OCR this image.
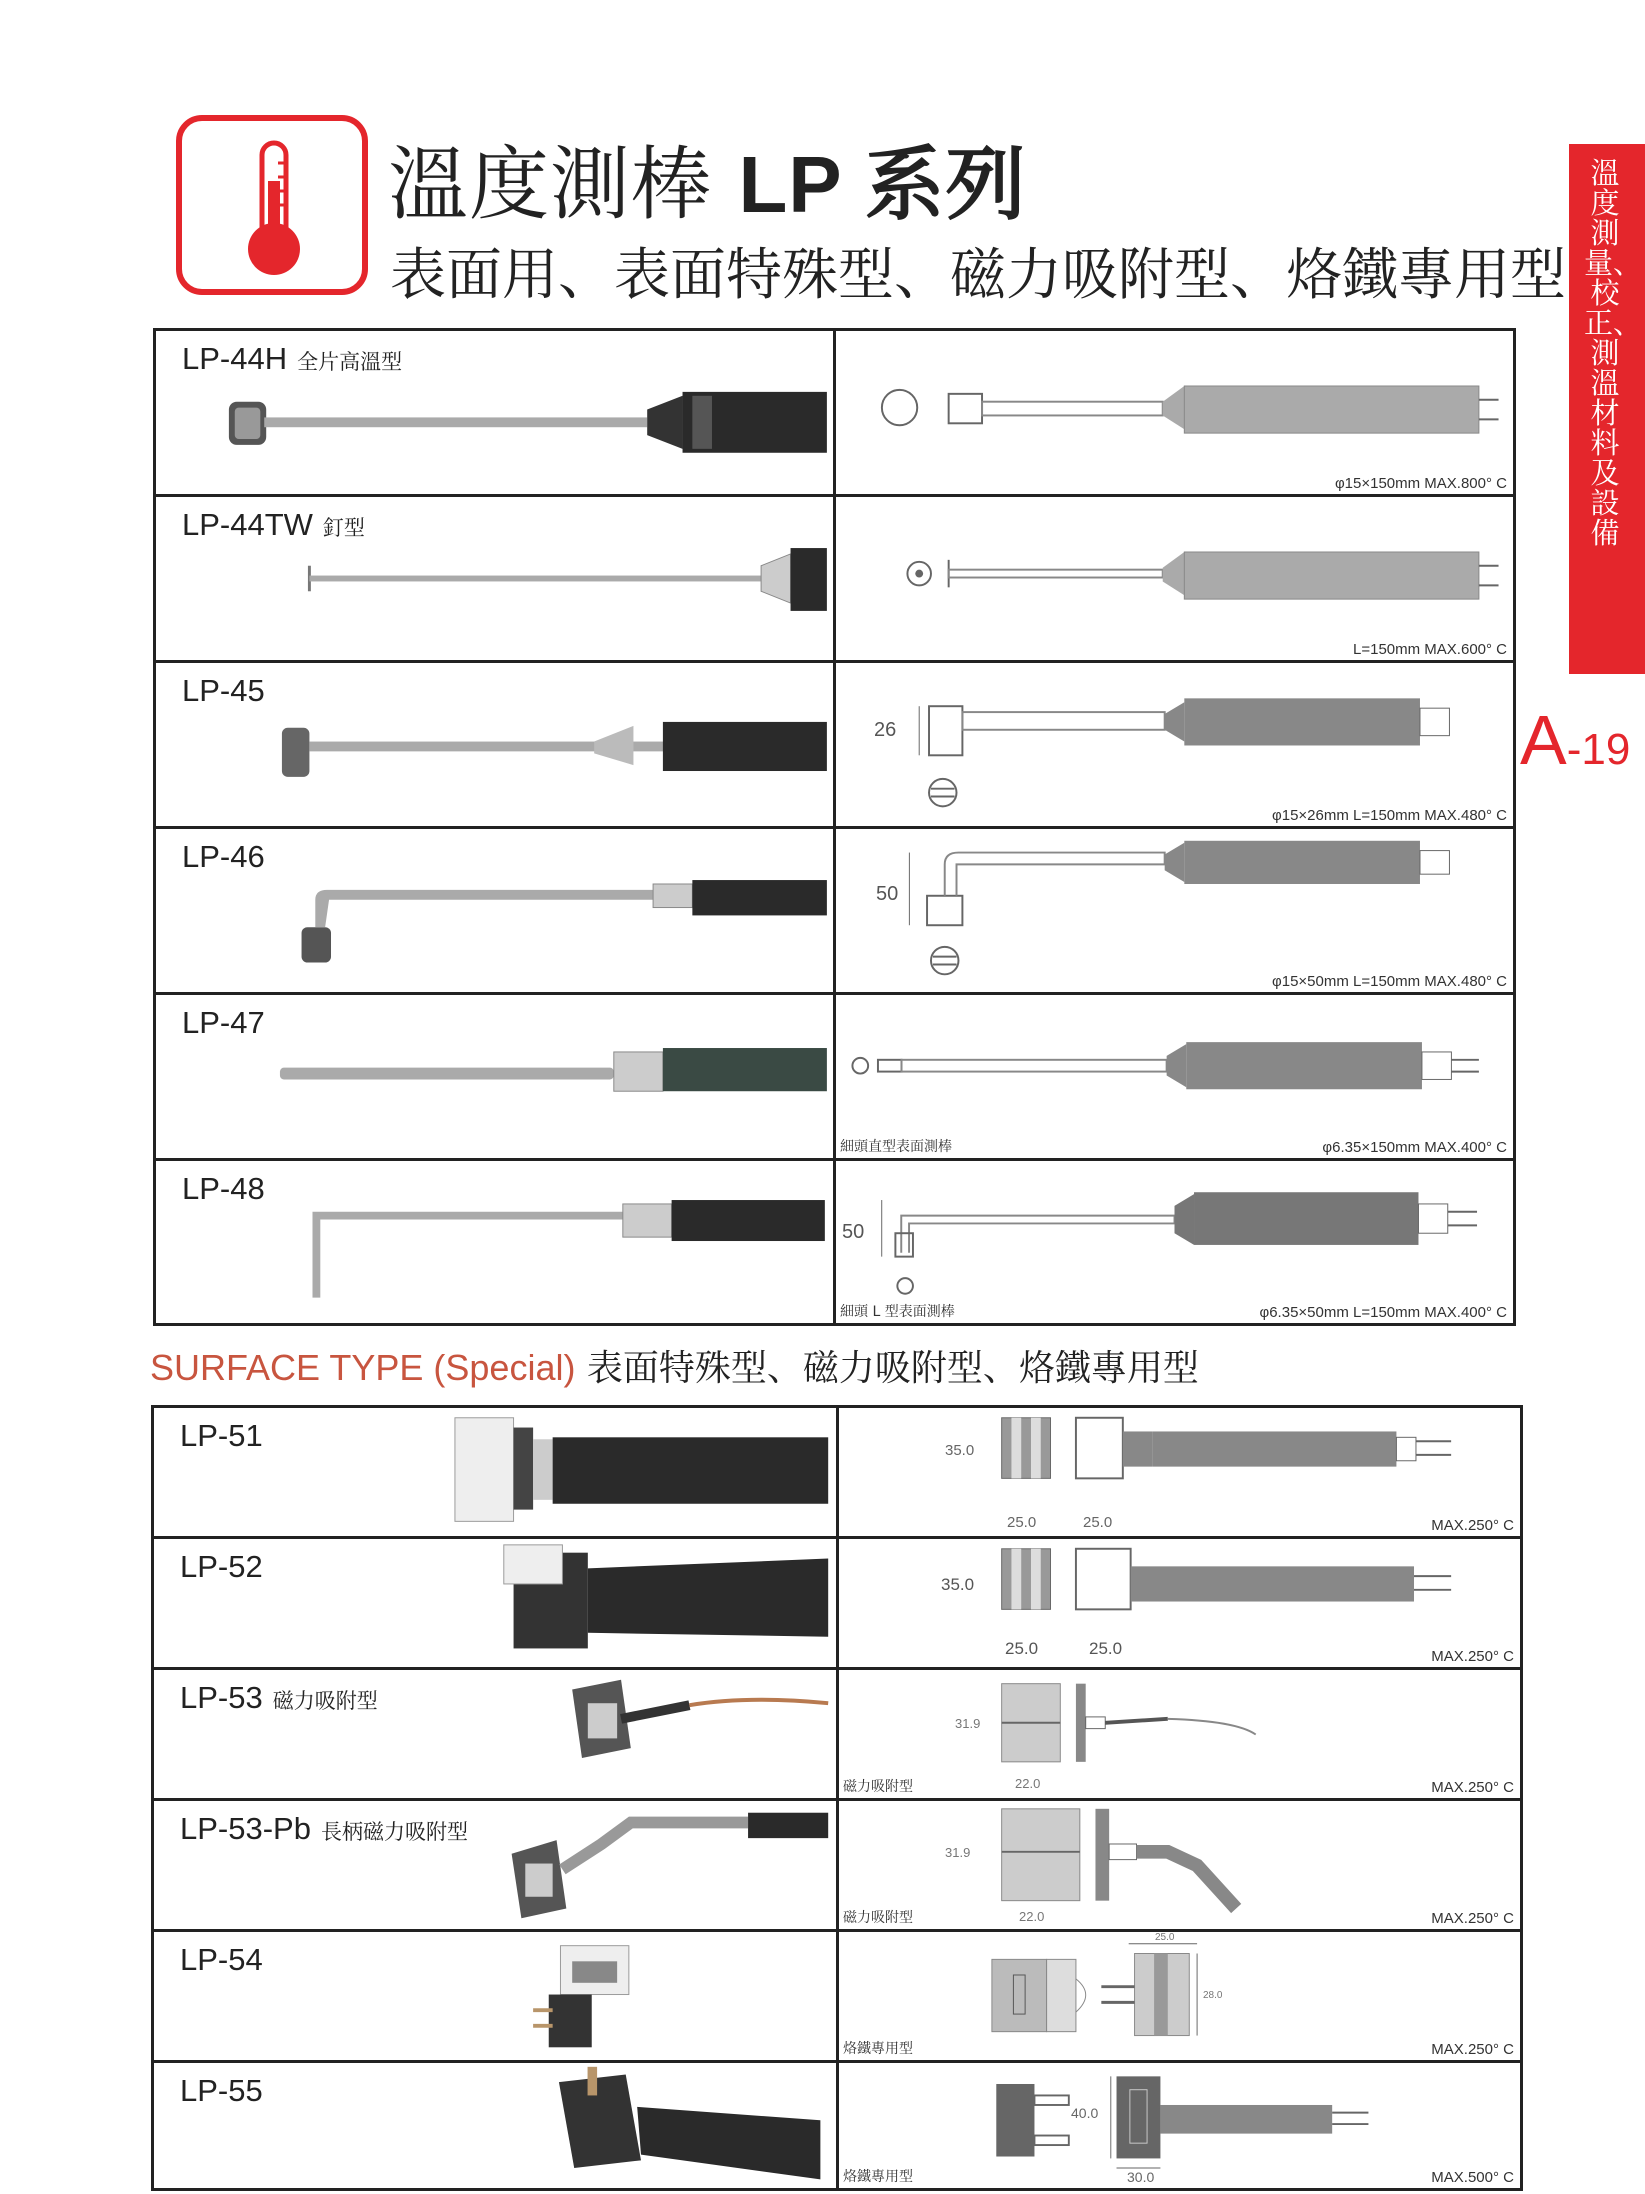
溫度測棒 LP 系列
表面用、表面特殊型、磁力吸附型、烙鐵專用型
溫度測量、校正、測溫材料及設備
A-19
LP-44H 全片高溫型
φ15×150mm MAX.800° C
LP-44TW 釘型
L=150mm MAX.600° C
LP-45
26
φ15×26mm L=150mm MAX.480° C
LP-46
50
φ15×50mm L=150mm MAX.480° C
LP-47
細頭直型表面測棒	φ6.35×150mm MAX.400° C
LP-48
50
細頭 L 型表面測棒	φ6.35×50mm L=150mm MAX.400° C
SURFACE TYPE (Special) 表面特殊型、磁力吸附型、烙鐵專用型
LP-51	35.0
25.0	25.0	MAX.250° C
LP-52
35.0
25.0	25.0	MAX.250° C
LP-53 磁力吸附型
31.9
22.0
磁力吸附型	MAX.250° C
LP-53-Pb 長柄磁力吸附型
31.9
22.0
磁力吸附型	MAX.250° C
LP-54
25.0
28.0
烙鐵專用型	MAX.250° C
LP-55
40.0
30.0
烙鐵專用型	MAX.500° C
